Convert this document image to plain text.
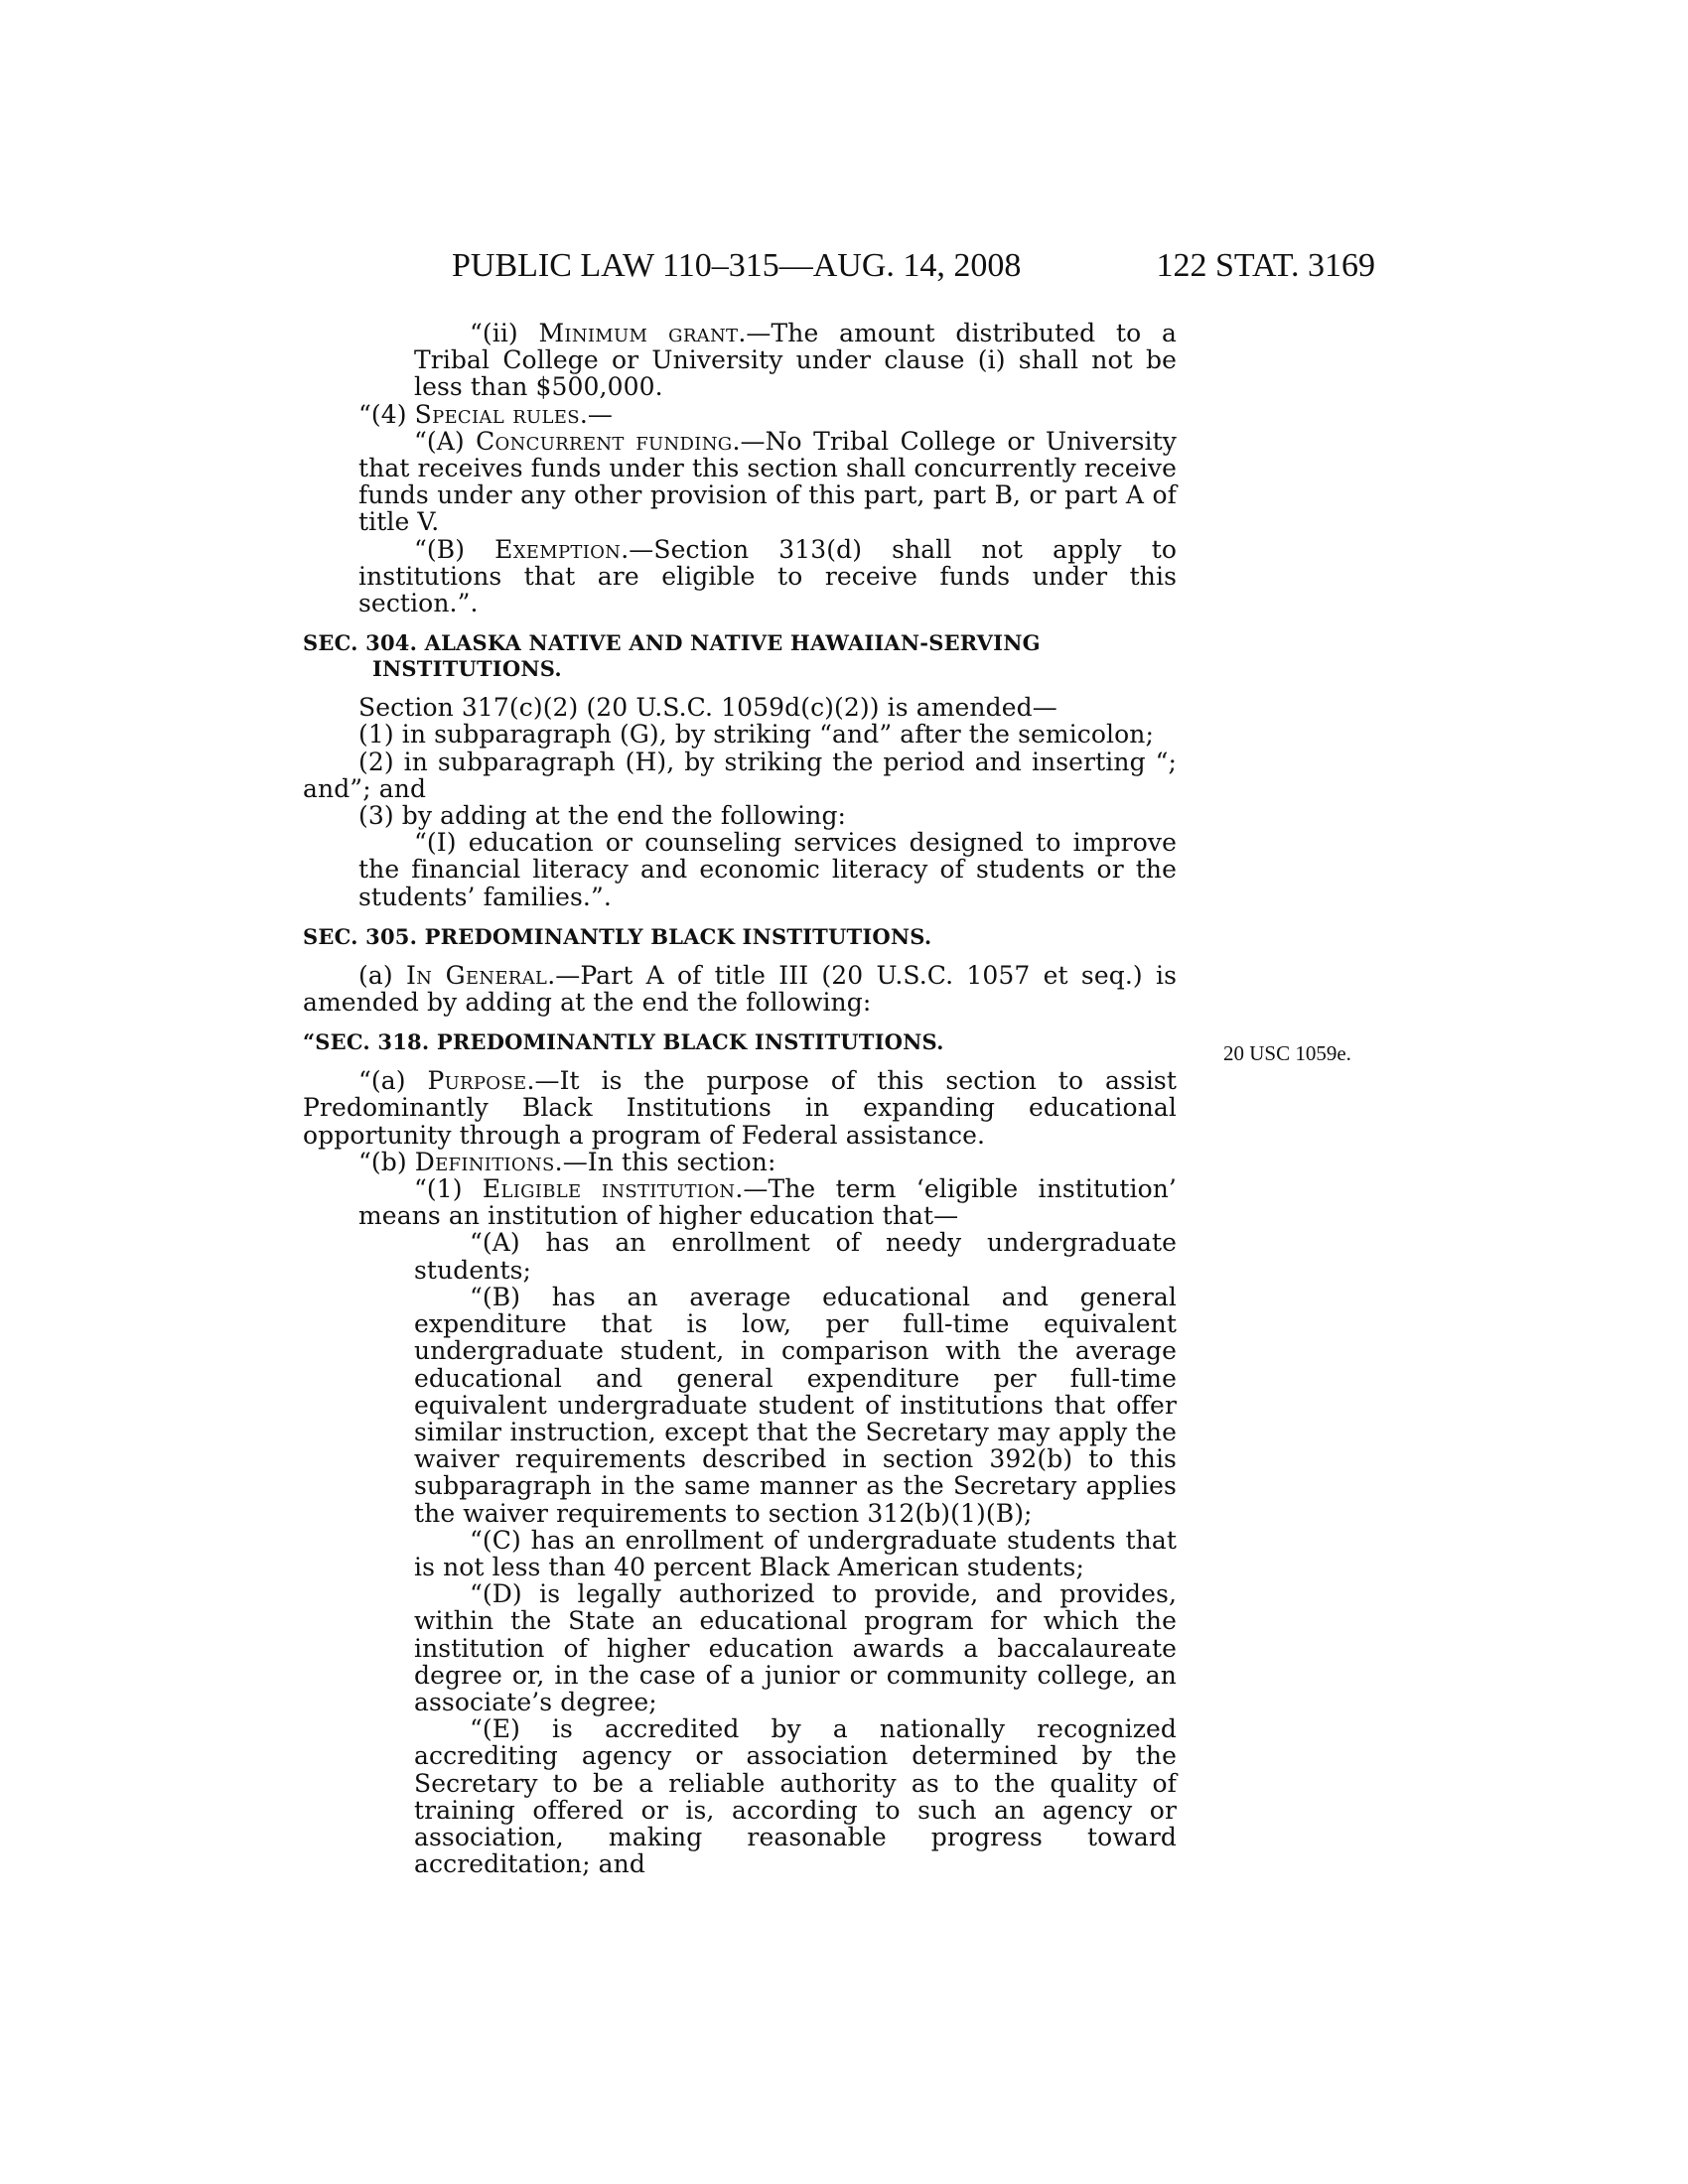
PUBLIC LAW 110–315—AUG. 14, 2008	122 STAT. 3169

“(ii) Minimum grant.—The amount distributed to a Tribal College or University under clause (i) shall not be less than $500,000.

“(4) Special rules.—

“(A) Concurrent funding.—No Tribal College or University that receives funds under this section shall concurrently receive funds under any other provision of this part, part B, or part A of title V.

“(B) Exemption.—Section 313(d) shall not apply to institutions that are eligible to receive funds under this section.”.

SEC. 304. ALASKA NATIVE AND NATIVE HAWAIIAN-SERVING INSTITUTIONS.

Section 317(c)(2) (20 U.S.C. 1059d(c)(2)) is amended—

(1) in subparagraph (G), by striking “and” after the semicolon;

(2) in subparagraph (H), by striking the period and inserting “; and”; and

(3) by adding at the end the following:

“(I) education or counseling services designed to improve the financial literacy and economic literacy of students or the students’ families.”.

SEC. 305. PREDOMINANTLY BLACK INSTITUTIONS.

(a) In General.—Part A of title III (20 U.S.C. 1057 et seq.) is amended by adding at the end the following:

“SEC. 318. PREDOMINANTLY BLACK INSTITUTIONS.

“(a) Purpose.—It is the purpose of this section to assist Predominantly Black Institutions in expanding educational opportunity through a program of Federal assistance.

“(b) Definitions.—In this section:

“(1) Eligible institution.—The term ‘eligible institution’ means an institution of higher education that—

“(A) has an enrollment of needy undergraduate students;

“(B) has an average educational and general expenditure that is low, per full-time equivalent undergraduate student, in comparison with the average educational and general expenditure per full-time equivalent undergraduate student of institutions that offer similar instruction, except that the Secretary may apply the waiver requirements described in section 392(b) to this subparagraph in the same manner as the Secretary applies the waiver requirements to section 312(b)(1)(B);

“(C) has an enrollment of undergraduate students that is not less than 40 percent Black American students;

“(D) is legally authorized to provide, and provides, within the State an educational program for which the institution of higher education awards a baccalaureate degree or, in the case of a junior or community college, an associate’s degree;

“(E) is accredited by a nationally recognized accrediting agency or association determined by the Secretary to be a reliable authority as to the quality of training offered or is, according to such an agency or association, making reasonable progress toward accreditation; and

20 USC 1059e.
